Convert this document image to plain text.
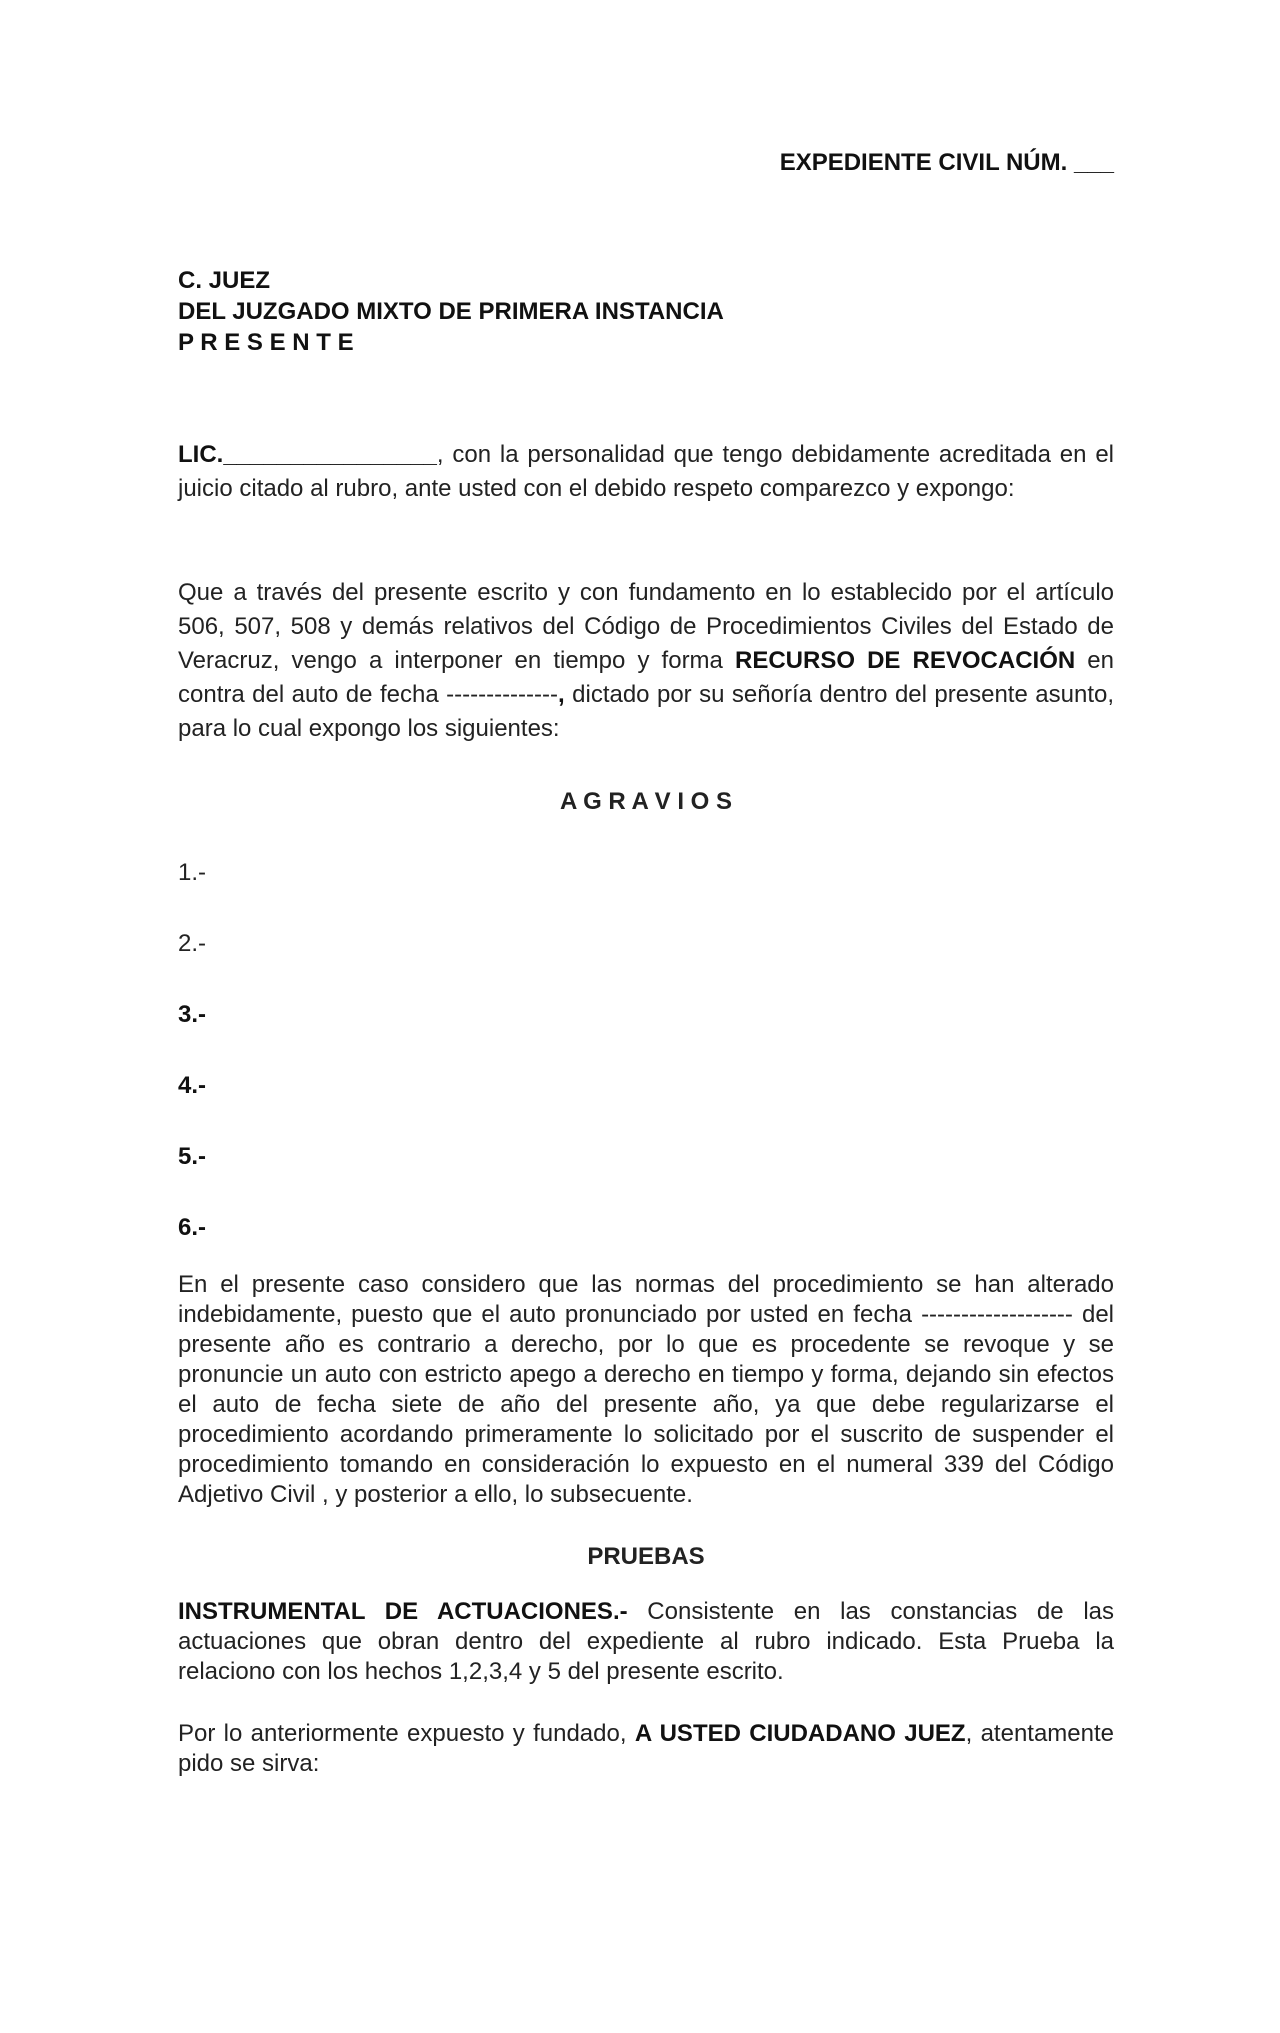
EXPEDIENTE CIVIL NÚM. ___
C. JUEZ
DEL JUZGADO MIXTO DE PRIMERA INSTANCIA
P R E S E N T E

LIC.________________, con la personalidad que tengo debidamente acreditada en el juicio citado al rubro, ante usted con el debido respeto comparezco y expongo:

Que a través del presente escrito y con fundamento en lo establecido por el artículo 506, 507, 508 y demás relativos del Código de Procedimientos Civiles del Estado de Veracruz, vengo a interponer en tiempo y forma RECURSO DE REVOCACIÓN en contra del auto de fecha --------------, dictado por su señoría dentro del presente asunto, para lo cual expongo los siguientes:

A G R A V I O S

1.-

2.-

3.-

4.-

5.-

6.-

En el presente caso considero que las normas del procedimiento se han alterado indebidamente, puesto que el auto pronunciado por usted en fecha ------------------- del presente año es contrario a derecho, por lo que es procedente se revoque y se pronuncie un auto con estricto apego a derecho en tiempo y forma, dejando sin efectos el auto de fecha siete de año del presente año, ya que debe regularizarse el procedimiento acordando primeramente lo solicitado por el suscrito de suspender el procedimiento tomando en consideración lo expuesto en el numeral 339 del Código Adjetivo Civil , y posterior a ello, lo subsecuente.

PRUEBAS

INSTRUMENTAL DE ACTUACIONES.- Consistente en las constancias de las actuaciones que obran dentro del expediente al rubro indicado. Esta Prueba la relaciono con los hechos 1,2,3,4 y 5 del presente escrito.

Por lo anteriormente expuesto y fundado, A USTED CIUDADANO JUEZ, atentamente pido se sirva:
